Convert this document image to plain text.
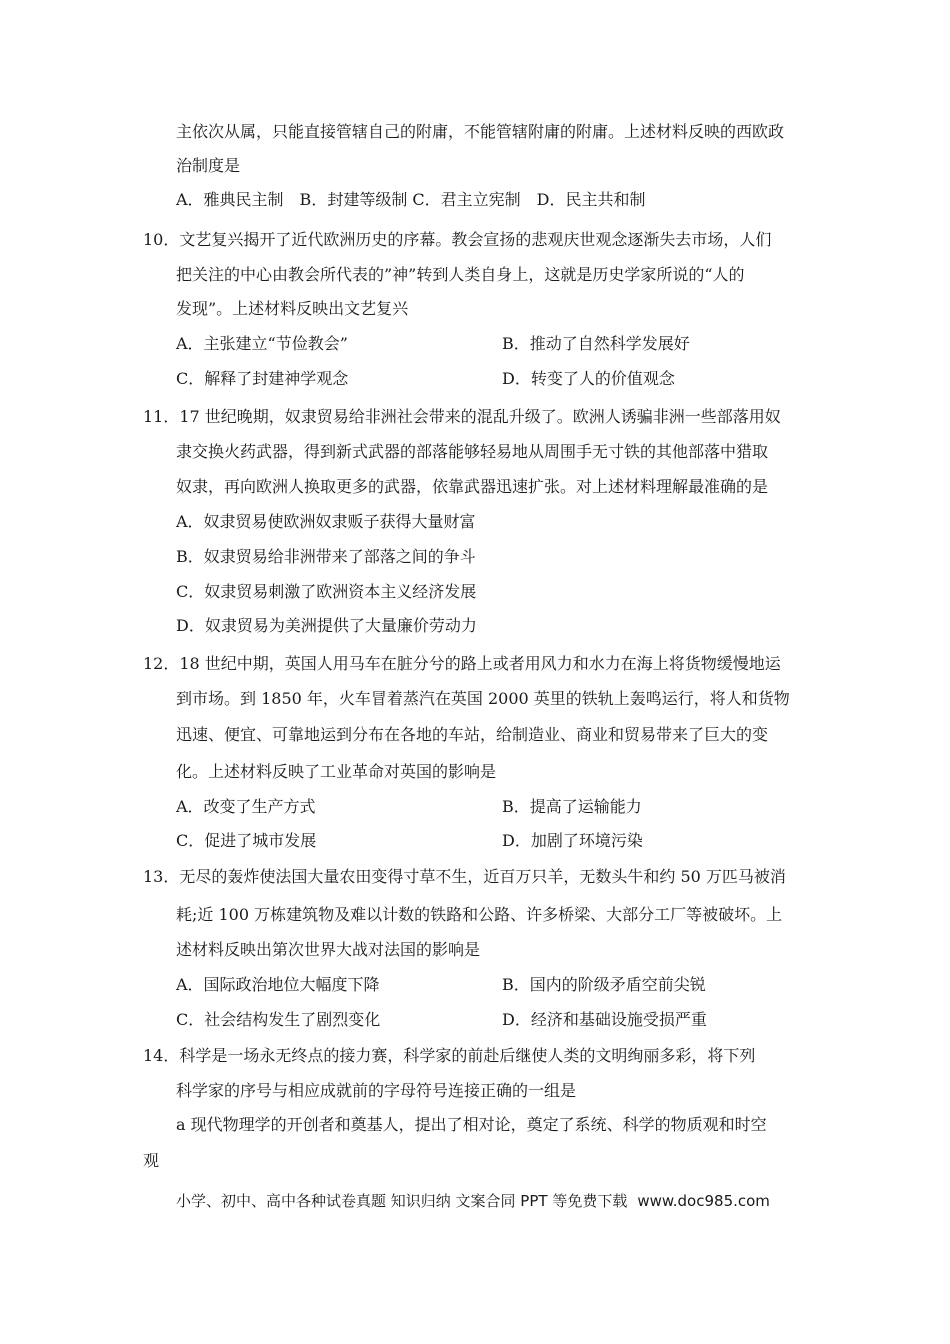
主依次从属，只能直接管辖自己的附庸，不能管辖附庸的附庸。上述材料反映的西欧政
治制度是
A．雅典民主制　B．封建等级制 C．君主立宪制　D．民主共和制
10．文艺复兴揭开了近代欧洲历史的序幕。教会宣扬的悲观庆世观念逐渐失去市场，人们
把关注的中心由教会所代表的”神”转到人类自身上，这就是历史学家所说的“人的
发现”。上述材料反映出文艺复兴
A．主张建立“节俭教会”	B．推动了自然科学发展好
C．解释了封建神学观念	D．转变了人的价值观念
11．17 世纪晚期，奴隶贸易给非洲社会带来的混乱升级了。欧洲人诱骗非洲一些部落用奴
隶交换火药武器，得到新式武器的部落能够轻易地从周围手无寸铁的其他部落中猎取
奴隶，再向欧洲人换取更多的武器，依靠武器迅速扩张。对上述材料理解最准确的是
A．奴隶贸易使欧洲奴隶贩子获得大量财富
B．奴隶贸易给非洲带来了部落之间的争斗
C．奴隶贸易刺激了欧洲资本主义经济发展
D．奴隶贸易为美洲提供了大量廉价劳动力
12．18 世纪中期，英国人用马车在脏分兮的路上或者用风力和水力在海上将货物缓慢地运
到市场。到 1850 年，火车冒着蒸汽在英国 2000 英里的铁轨上轰鸣运行，将人和货物
迅速、便宜、可靠地运到分布在各地的车站，给制造业、商业和贸易带来了巨大的变
化。上述材料反映了工业革命对英国的影响是
A．改变了生产方式	B．提高了运输能力
C．促进了城市发展	D．加剧了环境污染
13．无尽的轰炸使法国大量农田变得寸草不生，近百万只羊，无数头牛和约 50 万匹马被消
耗;近 100 万栋建筑物及难以计数的铁路和公路、许多桥梁、大部分工厂等被破坏。上
述材料反映出第次世界大战对法国的影响是
A．国际政治地位大幅度下降	B．国内的阶级矛盾空前尖锐
C．社会结构发生了剧烈变化	D．经济和基础设施受损严重
14．科学是一场永无终点的接力赛，科学家的前赴后继使人类的文明绚丽多彩，将下列
科学家的序号与相应成就前的字母符号连接正确的一组是
a 现代物理学的开创者和奠基人，提出了相对论，奠定了系统、科学的物质观和时空
观
小学、初中、高中各种试卷真题 知识归纳 文案合同 PPT 等免费下载 www.doc985.com
